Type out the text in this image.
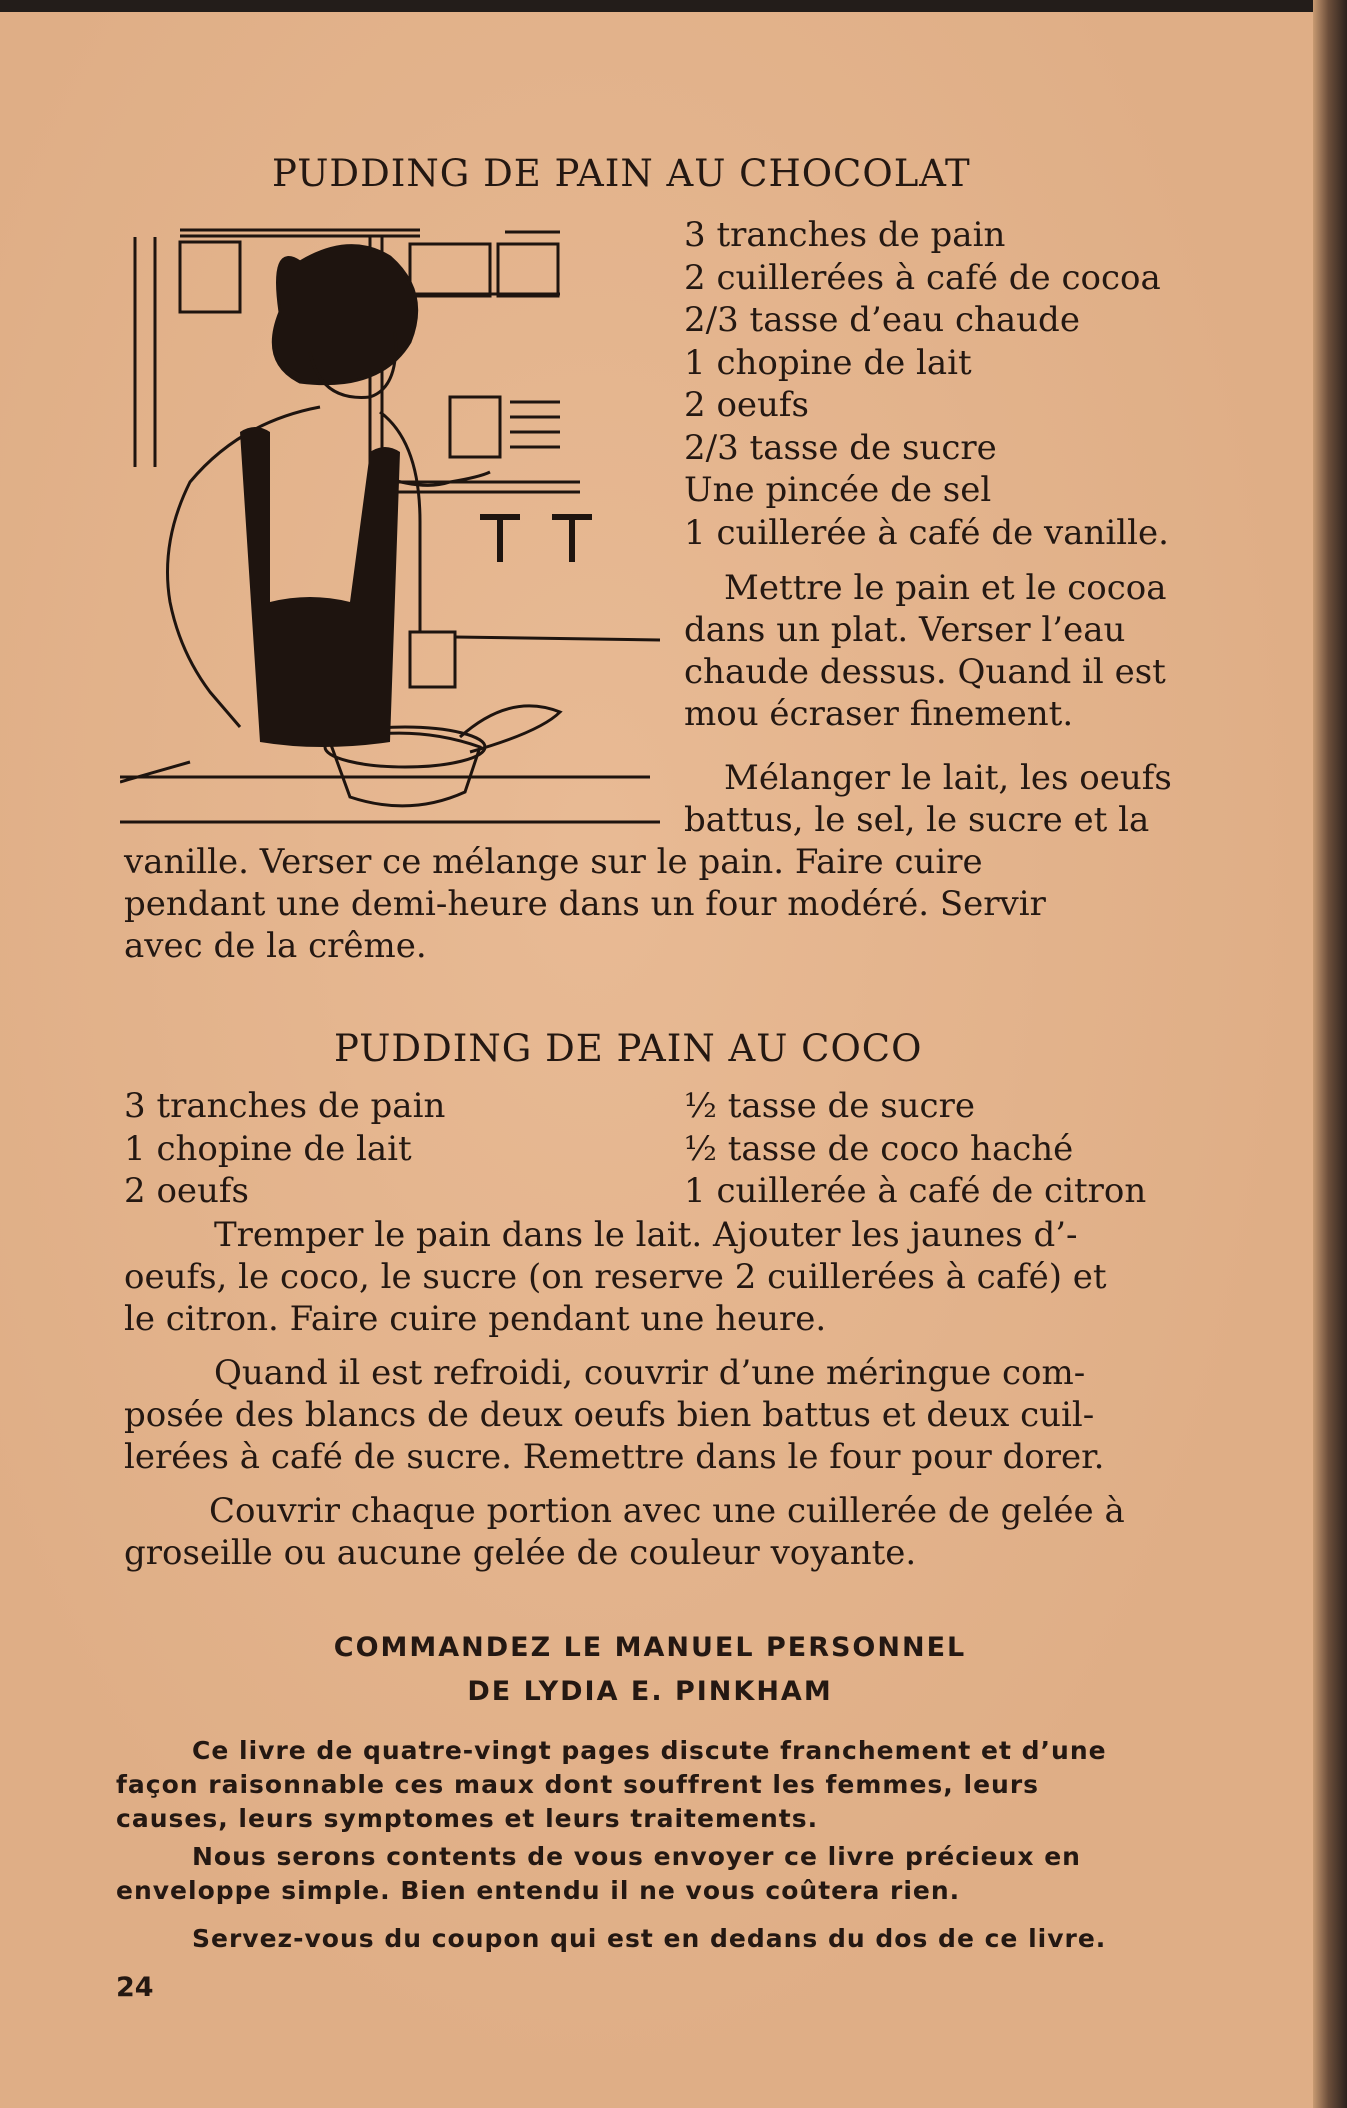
PUDDING DE PAIN AU CHOCOLAT
3 tranches de pain
2 cuillerées à café de cocoa
2/3 tasse d’eau chaude
1 chopine de lait
2 oeufs
2/3 tasse de sucre
Une pincée de sel
1 cuillerée à café de vanille.

Mettre le pain et le cocoa
dans un plat. Verser l’eau
chaude dessus. Quand il est
mou écraser finement.

Mélanger le lait, les oeufs
battus, le sel, le sucre et la

vanille. Verser ce mélange sur le pain. Faire cuire
pendant une demi-heure dans un four modéré. Servir
avec de la crême.

PUDDING DE PAIN AU COCO
3 tranches de pain
1 chopine de lait
2 oeufs
½ tasse de sucre
½ tasse de coco haché
1 cuillerée à café de citron

Tremper le pain dans le lait. Ajouter les jaunes d’-
oeufs, le coco, le sucre (on reserve 2 cuillerées à café) et
le citron. Faire cuire pendant une heure.

Quand il est refroidi, couvrir d’une méringue com-
posée des blancs de deux oeufs bien battus et deux cuil-
lerées à café de sucre. Remettre dans le four pour dorer.

Couvrir chaque portion avec une cuillerée de gelée à
groseille ou aucune gelée de couleur voyante.

COMMANDEZ LE MANUEL PERSONNEL

DE LYDIA E. PINKHAM

Ce livre de quatre-vingt pages discute franchement et d’une
façon raisonnable ces maux dont souffrent les femmes, leurs
causes, leurs symptomes et leurs traitements.

Nous serons contents de vous envoyer ce livre précieux en
enveloppe simple. Bien entendu il ne vous coûtera rien.

Servez-vous du coupon qui est en dedans du dos de ce livre.

24
